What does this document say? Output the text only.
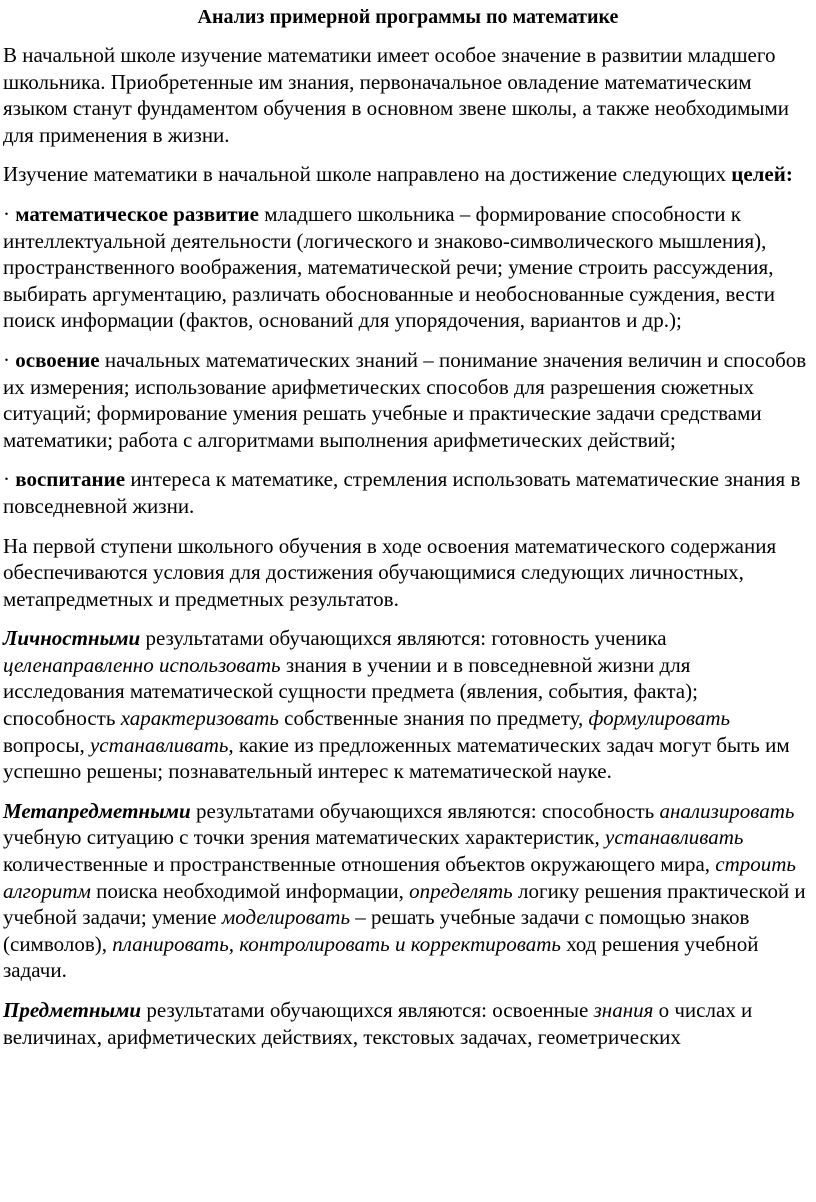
Анализ примерной программы по математике

В начальной школе изучение математики имеет особое значение в развитии младшего школьника. Приобретенные им знания, первоначальное овладение математическим языком станут фундаментом обучения в основном звене школы, а также необходимыми для применения в жизни.

Изучение математики в начальной школе направлено на достижение следующих целей:

· математическое развитие младшего школьника – формирование способности к интеллектуальной деятельности (логического и знаково-символического мышления), пространственного воображения, математической речи; умение строить рассуждения, выбирать аргументацию, различать обоснованные и необоснованные суждения, вести поиск информации (фактов, оснований для упорядочения, вариантов и др.);

· освоение начальных математических знаний – понимание значения величин и способов их измерения; использование арифметических способов для разрешения сюжетных ситуаций; формирование умения решать учебные и практические задачи средствами математики; работа с алгоритмами выполнения арифметических действий;

· воспитание интереса к математике, стремления использовать математические знания в повседневной жизни.

На первой ступени школьного обучения в ходе освоения математического содержания обеспечиваются условия для достижения обучающимися следующих личностных, метапредметных и предметных результатов.

Личностными результатами обучающихся являются: готовность ученика целенаправленно использовать знания в учении и в повседневной жизни для исследования математической сущности предмета (явления, события, факта); способность характеризовать собственные знания по предмету, формулировать вопросы, устанавливать, какие из предложенных математических задач могут быть им успешно решены; познавательный интерес к математической науке.

Метапредметными результатами обучающихся являются: способность анализировать учебную ситуацию с точки зрения математических характеристик, устанавливать количественные и пространственные отношения объектов окружающего мира, строить алгоритм поиска необходимой информации, определять логику решения практической и учебной задачи; умение моделировать – решать учебные задачи с помощью знаков (символов), планировать, контролировать и корректировать ход решения учебной задачи.

Предметными результатами обучающихся являются: освоенные знания о числах и величинах, арифметических действиях, текстовых задачах, геометрических
